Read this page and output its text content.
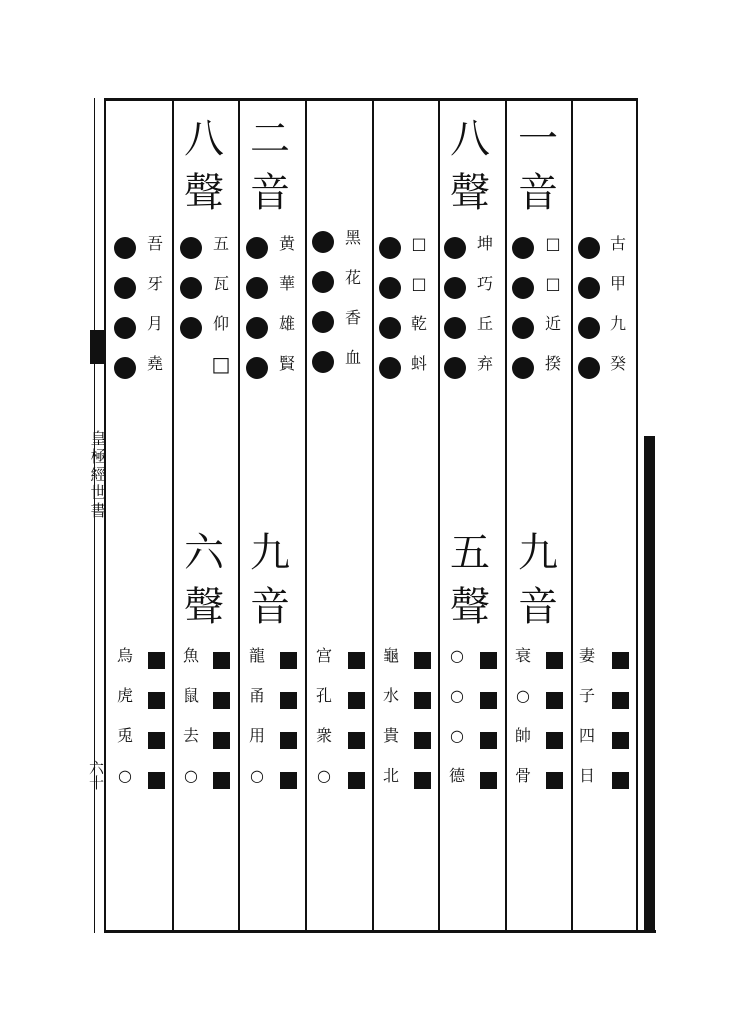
皇極經世書
六十
古
甲
九
癸
妻
子
四
日
一
音
□
□
近
揆
九
音
衰
○
帥
骨
八
聲
坤
巧
丘
弃
五
聲
○
○
○
德
□
□
乾
蚪
龜
水
貴
北
黑
花
香
血
宫
孔
衆
○
二
音
黄
華
雄
賢
九
音
龍
甬
用
○
八
聲
五
瓦
仰
□
六
聲
魚
鼠
去
○
吾
牙
月
堯
烏
虎
兎
○
